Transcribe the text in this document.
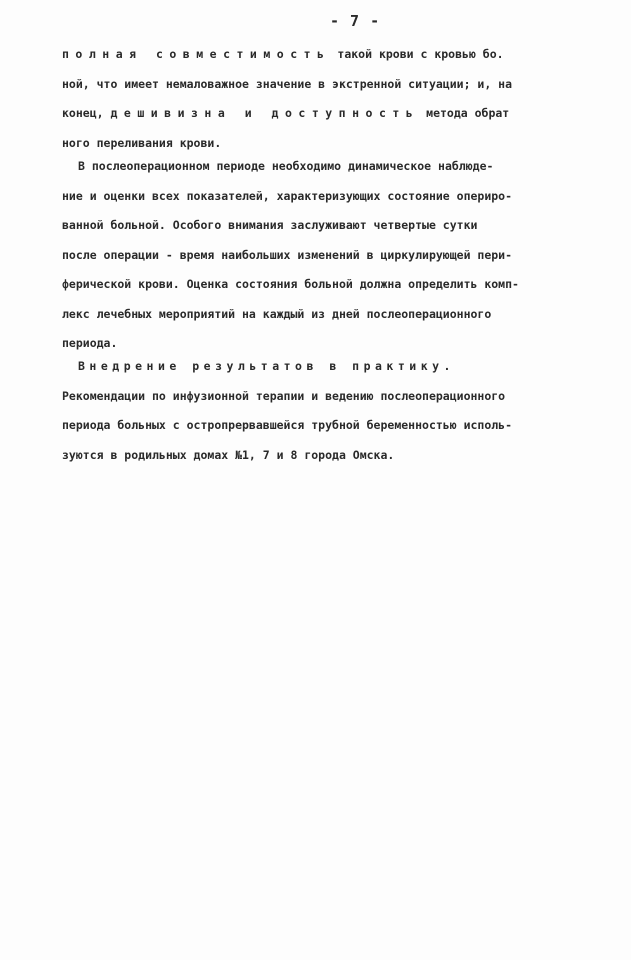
- 7 -
полная совместимость такой крови с кровью бо.
ной, что имеет немаловажное значение в экстренной ситуации; и, на
конец, дешивизна и доступность метода обрат
ного переливания крови.
В послеоперационном периоде необходимо динамическое наблюде-
ние и оценки всех показателей, характеризующих состояние опериро-
ванной больной. Особого внимания заслуживают четвертые сутки
после операции - время наибольших изменений в циркулирующей пери-
ферической крови. Оценка состояния больной должна определить комп-
лекс лечебных мероприятий на каждый из дней послеоперационного
периода.
Внедрение результатов в практику.
Рекомендации по инфузионной терапии и ведению послеоперационного
периода больных с остропрервавшейся трубной беременностью исполь-
зуются в родильных домах №1, 7 и 8 города Омска.
